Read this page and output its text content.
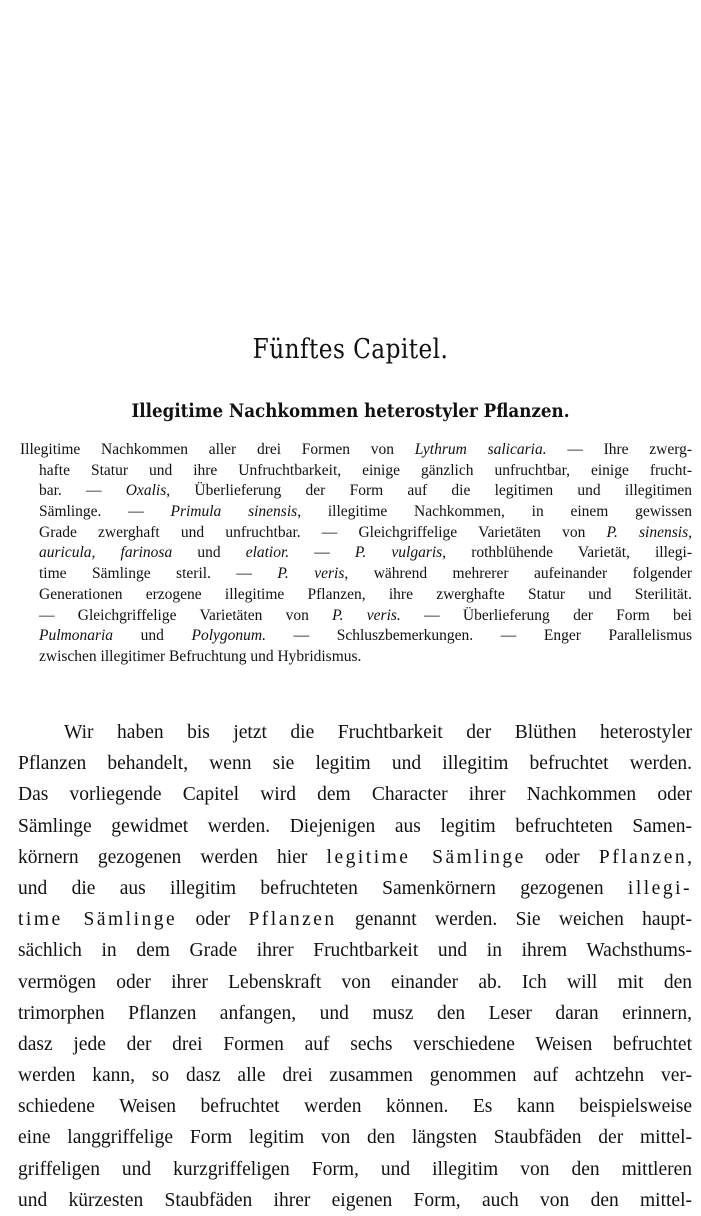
Fünftes Capitel.
Illegitime Nachkommen heterostyler Pflanzen.
Illegitime Nachkommen aller drei Formen von Lythrum salicaria. — Ihre zwerg-
hafte Statur und ihre Unfruchtbarkeit, einige gänzlich unfruchtbar, einige frucht-
bar. — Oxalis, Überlieferung der Form auf die legitimen und illegitimen
Sämlinge. — Primula sinensis, illegitime Nachkommen, in einem gewissen
Grade zwerghaft und unfruchtbar. — Gleichgriffelige Varietäten von P. sinensis,
auricula, farinosa und elatior. — P. vulgaris, rothblühende Varietät, illegi-
time Sämlinge steril. — P. veris, während mehrerer aufeinander folgender
Generationen erzogene illegitime Pflanzen, ihre zwerghafte Statur und Sterilität.
— Gleichgriffelige Varietäten von P. veris. — Überlieferung der Form bei
Pulmonaria und Polygonum. — Schluszbemerkungen. — Enger Parallelismus
zwischen illegitimer Befruchtung und Hybridismus.
Wir haben bis jetzt die Fruchtbarkeit der Blüthen heterostyler
Pflanzen behandelt, wenn sie legitim und illegitim befruchtet werden.
Das vorliegende Capitel wird dem Character ihrer Nachkommen oder
Sämlinge gewidmet werden. Diejenigen aus legitim befruchteten Samen-
körnern gezogenen werden hier legitime Sämlinge oder Pflanzen,
und die aus illegitim befruchteten Samenkörnern gezogenen illegi-
time Sämlinge oder Pflanzen genannt werden. Sie weichen haupt-
sächlich in dem Grade ihrer Fruchtbarkeit und in ihrem Wachsthums-
vermögen oder ihrer Lebenskraft von einander ab. Ich will mit den
trimorphen Pflanzen anfangen, und musz den Leser daran erinnern,
dasz jede der drei Formen auf sechs verschiedene Weisen befruchtet
werden kann, so dasz alle drei zusammen genommen auf achtzehn ver-
schiedene Weisen befruchtet werden können. Es kann beispielsweise
eine langgriffelige Form legitim von den längsten Staubfäden der mittel-
griffeligen und kurzgriffeligen Form, und illegitim von den mittleren
und kürzesten Staubfäden ihrer eigenen Form, auch von den mittel-
